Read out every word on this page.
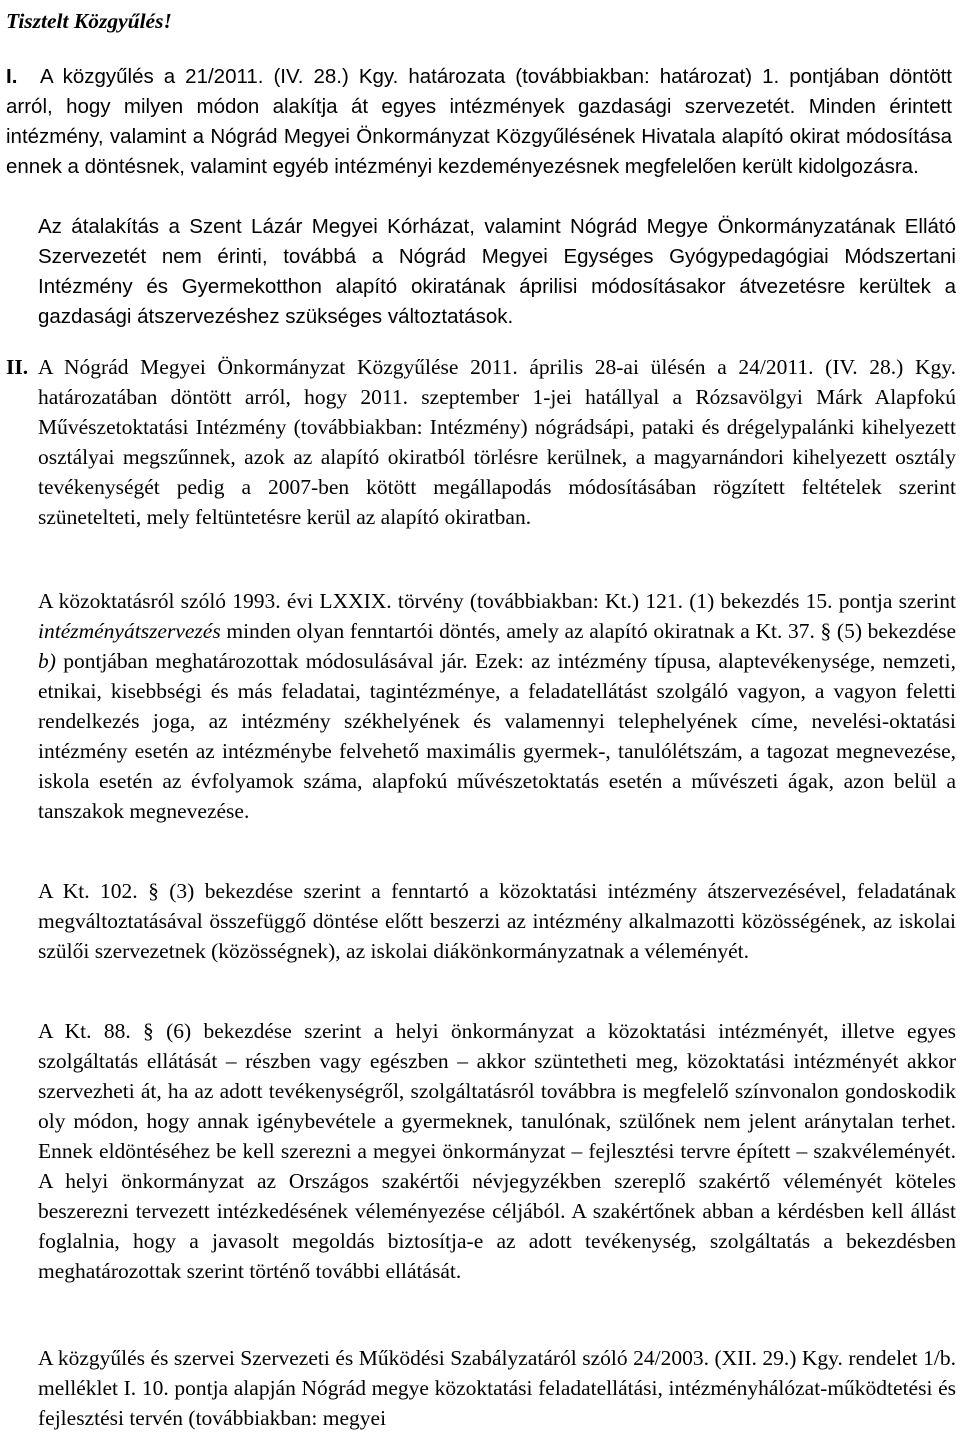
Tisztelt Közgyűlés!
I. A közgyűlés a 21/2011. (IV. 28.) Kgy. határozata (továbbiakban: határozat) 1. pontjában döntött arról, hogy milyen módon alakítja át egyes intézmények gazdasági szervezetét. Minden érintett intézmény, valamint a Nógrád Megyei Önkormányzat Közgyűlésének Hivatala alapító okirat módosítása ennek a döntésnek, valamint egyéb intézményi kezdeményezésnek megfelelően került kidolgozásra.
Az átalakítás a Szent Lázár Megyei Kórházat, valamint Nógrád Megye Önkormányzatának Ellátó Szervezetét nem érinti, továbbá a Nógrád Megyei Egységes Gyógypedagógiai Módszertani Intézmény és Gyermekotthon alapító okiratának áprilisi módosításakor átvezetésre kerültek a gazdasági átszervezéshez szükséges változtatások.
II. A Nógrád Megyei Önkormányzat Közgyűlése 2011. április 28-ai ülésén a 24/2011. (IV. 28.) Kgy. határozatában döntött arról, hogy 2011. szeptember 1-jei hatállyal a Rózsavölgyi Márk Alapfokú Művészetoktatási Intézmény (továbbiakban: Intézmény) nógrádsápi, pataki és drégelypalánki kihelyezett osztályai megszűnnek, azok az alapító okiratból törlésre kerülnek, a magyarnándori kihelyezett osztály tevékenységét pedig a 2007-ben kötött megállapodás módosításában rögzített feltételek szerint szünetelteti, mely feltüntetésre kerül az alapító okiratban.
A közoktatásról szóló 1993. évi LXXIX. törvény (továbbiakban: Kt.) 121. (1) bekezdés 15. pontja szerint intézményátszervezés minden olyan fenntartói döntés, amely az alapító okiratnak a Kt. 37. § (5) bekezdése b) pontjában meghatározottak módosulásával jár. Ezek: az intézmény típusa, alaptevékenysége, nemzeti, etnikai, kisebbségi és más feladatai, tagintézménye, a feladatellátást szolgáló vagyon, a vagyon feletti rendelkezés joga, az intézmény székhelyének és valamennyi telephelyének címe, nevelési-oktatási intézmény esetén az intézménybe felvehető maximális gyermek-, tanulólétszám, a tagozat megnevezése, iskola esetén az évfolyamok száma, alapfokú művészetoktatás esetén a művészeti ágak, azon belül a tanszakok megnevezése.
A Kt. 102. § (3) bekezdése szerint a fenntartó a közoktatási intézmény átszervezésével, feladatának megváltoztatásával összefüggő döntése előtt beszerzi az intézmény alkalmazotti közösségének, az iskolai szülői szervezetnek (közösségnek), az iskolai diákönkormányzatnak a véleményét.
A Kt. 88. § (6) bekezdése szerint a helyi önkormányzat a közoktatási intézményét, illetve egyes szolgáltatás ellátását – részben vagy egészben – akkor szüntetheti meg, közoktatási intézményét akkor szervezheti át, ha az adott tevékenységről, szolgáltatásról továbbra is megfelelő színvonalon gondoskodik oly módon, hogy annak igénybevétele a gyermeknek, tanulónak, szülőnek nem jelent aránytalan terhet. Ennek eldöntéséhez be kell szerezni a megyei önkormányzat – fejlesztési tervre épített – szakvéleményét. A helyi önkormányzat az Országos szakértői névjegyzékben szereplő szakértő véleményét köteles beszerezni tervezett intézkedésének véleményezése céljából. A szakértőnek abban a kérdésben kell állást foglalnia, hogy a javasolt megoldás biztosítja-e az adott tevékenység, szolgáltatás a bekezdésben meghatározottak szerint történő további ellátását.
A közgyűlés és szervei Szervezeti és Működési Szabályzatáról szóló 24/2003. (XII. 29.) Kgy. rendelet 1/b. melléklet I. 10. pontja alapján Nógrád megye közoktatási feladatellátási, intézményhálózat-működtetési és fejlesztési tervén (továbbiakban: megyei
